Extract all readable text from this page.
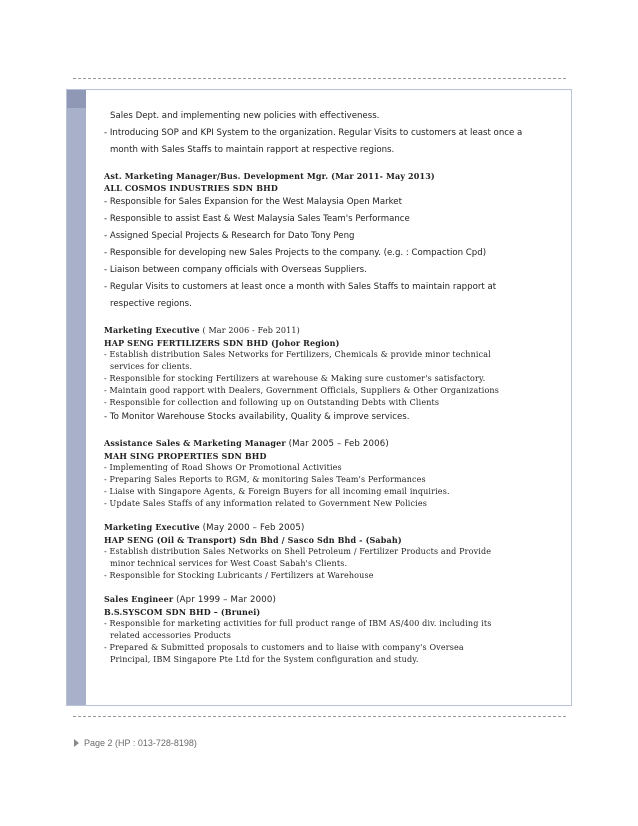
Sales Dept. and implementing new policies with effectiveness.
- Introducing SOP and KPI System to the organization. Regular Visits to customers at least once a
month with Sales Staffs to maintain rapport at respective regions.
Ast. Marketing Manager/Bus. Development Mgr. (Mar 2011- May 2013)
ALL COSMOS INDUSTRIES SDN BHD
- Responsible for Sales Expansion for the West Malaysia Open Market
- Responsible to assist East & West Malaysia Sales Team's Performance
- Assigned Special Projects & Research for Dato Tony Peng
- Responsible for developing new Sales Projects to the company. (e.g. : Compaction Cpd)
- Liaison between company officials with Overseas Suppliers.
- Regular Visits to customers at least once a month with Sales Staffs to maintain rapport at
respective regions.
Marketing Executive ( Mar 2006 - Feb 2011)
HAP SENG FERTILIZERS SDN BHD (Johor Region)
- Establish distribution Sales Networks for Fertilizers, Chemicals & provide minor technical
services for clients.
- Responsible for stocking Fertilizers at warehouse & Making sure customer's satisfactory.
- Maintain good rapport with Dealers, Government Officials, Suppliers & Other Organizations
- Responsible for collection and following up on Outstanding Debts with Clients
- To Monitor Warehouse Stocks availability, Quality & improve services.
Assistance Sales & Marketing Manager (Mar 2005 – Feb 2006)
MAH SING PROPERTIES SDN BHD
- Implementing of Road Shows Or Promotional Activities
- Preparing Sales Reports to RGM, & monitoring Sales Team's Performances
- Liaise with Singapore Agents, & Foreign Buyers for all incoming email inquiries.
- Update Sales Staffs of any information related to Government New Policies
Marketing Executive (May 2000 – Feb 2005)
HAP SENG (Oil & Transport) Sdn Bhd / Sasco Sdn Bhd - (Sabah)
- Establish distribution Sales Networks on Shell Petroleum / Fertilizer Products and Provide
minor technical services for West Coast Sabah's Clients.
- Responsible for Stocking Lubricants / Fertilizers at Warehouse
Sales Engineer (Apr 1999 – Mar 2000)
B.S.SYSCOM SDN BHD – (Brunei)
- Responsible for marketing activities for full product range of IBM AS/400 div. including its
related accessories Products
- Prepared & Submitted proposals to customers and to liaise with company's Oversea
Principal, IBM Singapore Pte Ltd for the System configuration and study.
Page 2 (HP : 013-728-8198)
